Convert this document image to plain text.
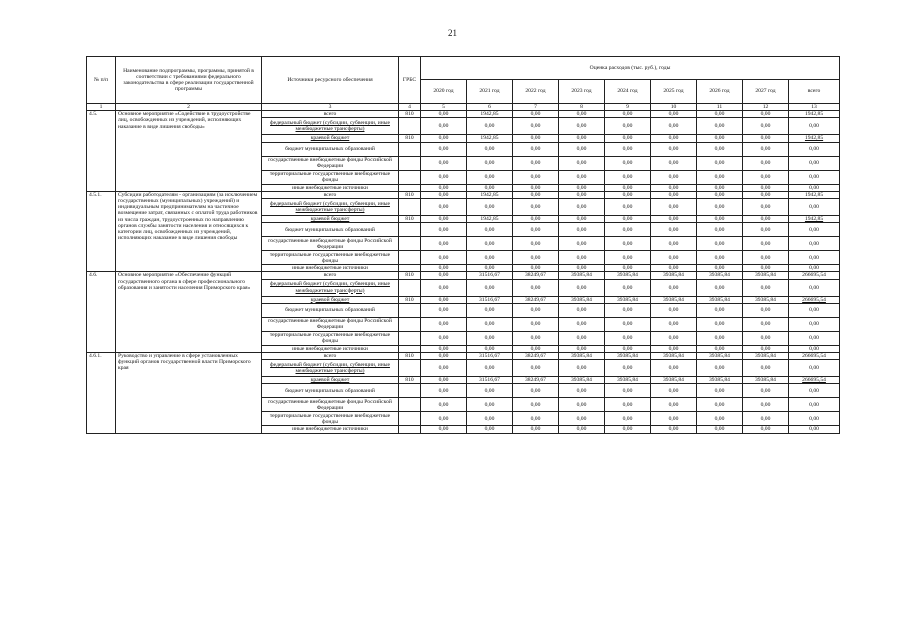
21
№ п/п	Наименование подпрограммы, программы, принятой в соответствии с требованиями федерального законодательства в сфере реализации государственной программы	Источники ресурсного обеспечения	ГРБС	Оценка расходов (тыс. руб.), годы								
				2020 год	2021 год	2022 год	2023 год	2024 год	2025 год	2026 год	2027 год	всего
1	2	3	4	5	6	7	8	9	10	11	12	13
4.5.	Основное мероприятие «Содействие в трудоустройстве лиц, освобожденных из учреждений, исполняющих наказание в виде лишения свободы»	всего	810	0,00	1942,85	0,00	0,00	0,00	0,00	0,00	0,00	1942,85
		федеральный бюджет (субсидии, субвенции, иные межбюджетные трансферты)		0,00	0,00	0,00	0,00	0,00	0,00	0,00	0,00	0,00
		краевой бюджет	810	0,00	1942,85	0,00	0,00	0,00	0,00	0,00	0,00	1942,85
		бюджет муниципальных образований		0,00	0,00	0,00	0,00	0,00	0,00	0,00	0,00	0,00
		государственные внебюджетные фонды Российской Федерации		0,00	0,00	0,00	0,00	0,00	0,00	0,00	0,00	0,00
		территориальные государственные внебюджетные фонды		0,00	0,00	0,00	0,00	0,00	0,00	0,00	0,00	0,00
		иные внебюджетные источники		0,00	0,00	0,00	0,00	0,00	0,00	0,00	0,00	0,00
4.5.1.	Субсидии работодателям - организациям (за исключением государственных (муниципальных) учреждений) и индивидуальным предпринимателям на частичное возмещение затрат, связанных с оплатой труда работников из числа граждан, трудоустроенных по направлению органов службы занятости населения и относящихся к категории лиц, освобожденных из учреждений, исполняющих наказание в виде лишения свободы	всего	810	0,00	1942,85	0,00	0,00	0,00	0,00	0,00	0,00	1942,85
		федеральный бюджет (субсидии, субвенции, иные межбюджетные трансферты)		0,00	0,00	0,00	0,00	0,00	0,00	0,00	0,00	0,00
		краевой бюджет	810	0,00	1942,85	0,00	0,00	0,00	0,00	0,00	0,00	1942,85
		бюджет муниципальных образований		0,00	0,00	0,00	0,00	0,00	0,00	0,00	0,00	0,00
		государственные внебюджетные фонды Российской Федерации		0,00	0,00	0,00	0,00	0,00	0,00	0,00	0,00	0,00
		территориальные государственные внебюджетные фонды		0,00	0,00	0,00	0,00	0,00	0,00	0,00	0,00	0,00
		иные внебюджетные источники		0,00	0,00	0,00	0,00	0,00	0,00	0,00	0,00	0,00
4.6.	Основное мероприятие «Обеспечение функций государственного органа в сфере профессионального образования и занятости населения Приморского края»	всего	810	0,00	31516,67	38249,67	39385,84	39385,84	39385,84	39385,84	39385,84	266695,54
		федеральный бюджет (субсидии, субвенции, иные межбюджетные трансферты)		0,00	0,00	0,00	0,00	0,00	0,00	0,00	0,00	0,00
		краевой бюджет	810	0,00	31516,67	38249,67	39385,84	39385,84	39385,84	39385,84	39385,84	266695,54
		бюджет муниципальных образований		0,00	0,00	0,00	0,00	0,00	0,00	0,00	0,00	0,00
		государственные внебюджетные фонды Российской Федерации		0,00	0,00	0,00	0,00	0,00	0,00	0,00	0,00	0,00
		территориальные государственные внебюджетные фонды		0,00	0,00	0,00	0,00	0,00	0,00	0,00	0,00	0,00
		иные внебюджетные источники		0,00	0,00	0,00	0,00	0,00	0,00	0,00	0,00	0,00
4.6.1.	Руководство и управление в сфере установленных функций органов государственной власти Приморского края	всего	810	0,00	31516,67	38249,67	39385,84	39385,84	39385,84	39385,84	39385,84	266695,54
		федеральный бюджет (субсидии, субвенции, иные межбюджетные трансферты)		0,00	0,00	0,00	0,00	0,00	0,00	0,00	0,00	0,00
		краевой бюджет	810	0,00	31516,67	38249,67	39385,84	39385,84	39385,84	39385,84	39385,84	266695,54
		бюджет муниципальных образований		0,00	0,00	0,00	0,00	0,00	0,00	0,00	0,00	0,00
		государственные внебюджетные фонды Российской Федерации		0,00	0,00	0,00	0,00	0,00	0,00	0,00	0,00	0,00
		территориальные государственные внебюджетные фонды		0,00	0,00	0,00	0,00	0,00	0,00	0,00	0,00	0,00
		иные внебюджетные источники		0,00	0,00	0,00	0,00	0,00	0,00	0,00	0,00	0,00
